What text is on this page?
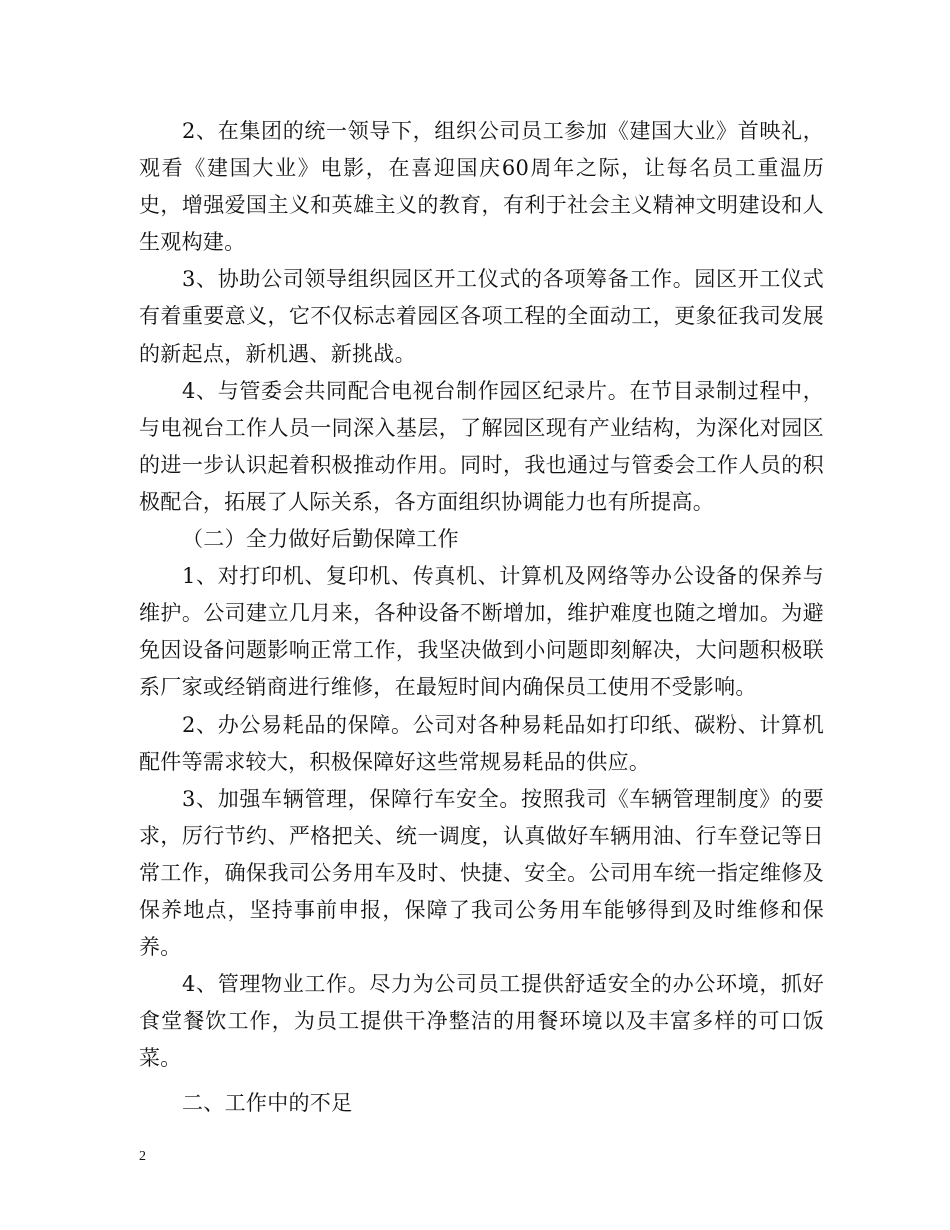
2、在集团的统一领导下，组织公司员工参加《建国大业》首映礼，观看《建国大业》电影，在喜迎国庆60周年之际，让每名员工重温历史，增强爱国主义和英雄主义的教育，有利于社会主义精神文明建设和人生观构建。

3、协助公司领导组织园区开工仪式的各项筹备工作。园区开工仪式有着重要意义，它不仅标志着园区各项工程的全面动工，更象征我司发展的新起点，新机遇、新挑战。

4、与管委会共同配合电视台制作园区纪录片。在节目录制过程中，与电视台工作人员一同深入基层，了解园区现有产业结构，为深化对园区的进一步认识起着积极推动作用。同时，我也通过与管委会工作人员的积极配合，拓展了人际关系，各方面组织协调能力也有所提高。

（二）全力做好后勤保障工作

1、对打印机、复印机、传真机、计算机及网络等办公设备的保养与维护。公司建立几月来，各种设备不断增加，维护难度也随之增加。为避免因设备问题影响正常工作，我坚决做到小问题即刻解决，大问题积极联系厂家或经销商进行维修，在最短时间内确保员工使用不受影响。

2、办公易耗品的保障。公司对各种易耗品如打印纸、碳粉、计算机配件等需求较大，积极保障好这些常规易耗品的供应。

3、加强车辆管理，保障行车安全。按照我司《车辆管理制度》的要求，厉行节约、严格把关、统一调度，认真做好车辆用油、行车登记等日常工作，确保我司公务用车及时、快捷、安全。公司用车统一指定维修及保养地点，坚持事前申报，保障了我司公务用车能够得到及时维修和保养。

4、管理物业工作。尽力为公司员工提供舒适安全的办公环境，抓好食堂餐饮工作，为员工提供干净整洁的用餐环境以及丰富多样的可口饭菜。

二、工作中的不足

2
